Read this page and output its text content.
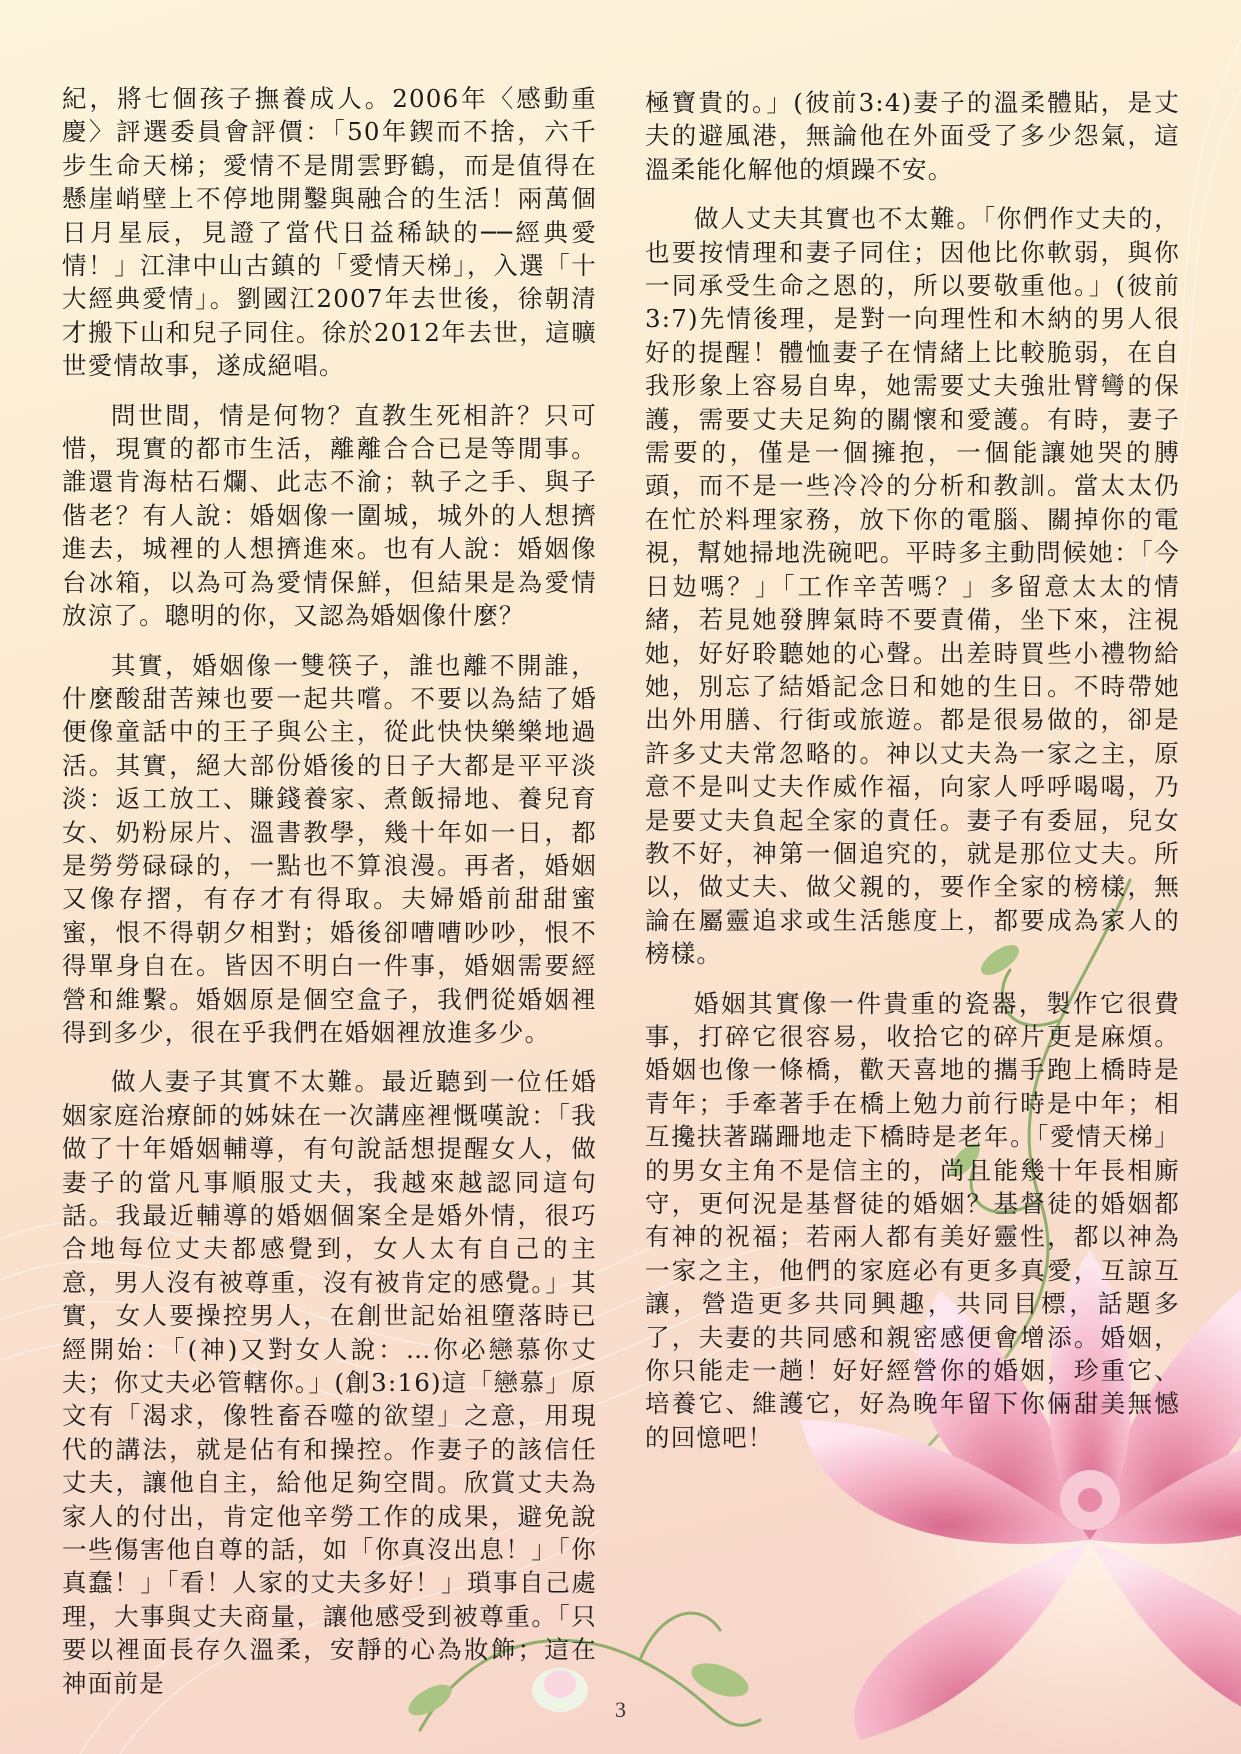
紀，將七個孩子撫養成人。2006年〈感動重慶〉評選委員會評價：「50年鍥而不捨，六千步生命天梯；愛情不是閒雲野鶴，而是值得在懸崖峭壁上不停地開鑿與融合的生活！兩萬個日月星辰，見證了當代日益稀缺的──經典愛情！」江津中山古鎮的「愛情天梯」，入選「十大經典愛情」。劉國江2007年去世後，徐朝清才搬下山和兒子同住。徐於2012年去世，這曠世愛情故事，遂成絕唱。

問世間，情是何物？直教生死相許？只可惜，現實的都市生活，離離合合已是等閒事。誰還肯海枯石爛、此志不渝；執子之手、與子偕老？有人說：婚姻像一圍城，城外的人想擠進去，城裡的人想擠進來。也有人說：婚姻像台冰箱，以為可為愛情保鮮，但結果是為愛情放涼了。聰明的你，又認為婚姻像什麼？

其實，婚姻像一雙筷子，誰也離不開誰，什麼酸甜苦辣也要一起共嚐。不要以為結了婚便像童話中的王子與公主，從此快快樂樂地過活。其實，絕大部份婚後的日子大都是平平淡淡：返工放工、賺錢養家、煮飯掃地、養兒育女、奶粉尿片、溫書教學，幾十年如一日，都是勞勞碌碌的，一點也不算浪漫。再者，婚姻又像存摺，有存才有得取。夫婦婚前甜甜蜜蜜，恨不得朝夕相對；婚後卻嘈嘈吵吵，恨不得單身自在。皆因不明白一件事，婚姻需要經營和維繫。婚姻原是個空盒子，我們從婚姻裡得到多少，很在乎我們在婚姻裡放進多少。

做人妻子其實不太難。最近聽到一位任婚姻家庭治療師的姊妹在一次講座裡慨嘆說：「我做了十年婚姻輔導，有句說話想提醒女人，做妻子的當凡事順服丈夫，我越來越認同這句話。我最近輔導的婚姻個案全是婚外情，很巧合地每位丈夫都感覺到，女人太有自己的主意，男人沒有被尊重，沒有被肯定的感覺。」其實，女人要操控男人，在創世記始祖墮落時已經開始：「(神)又對女人說：…你必戀慕你丈夫；你丈夫必管轄你。」(創3:16)這「戀慕」原文有「渴求，像牲畜吞噬的欲望」之意，用現代的講法，就是佔有和操控。作妻子的該信任丈夫，讓他自主，給他足夠空間。欣賞丈夫為家人的付出，肯定他辛勞工作的成果，避免說一些傷害他自尊的話，如「你真沒出息！」「你真蠢！」「看！人家的丈夫多好！」瑣事自己處理，大事與丈夫商量，讓他感受到被尊重。「只要以裡面長存久溫柔，安靜的心為妝飾；這在神面前是

極寶貴的。」(彼前3:4)妻子的溫柔體貼，是丈夫的避風港，無論他在外面受了多少怨氣，這溫柔能化解他的煩躁不安。

做人丈夫其實也不太難。「你們作丈夫的，也要按情理和妻子同住；因他比你軟弱，與你一同承受生命之恩的，所以要敬重他。」(彼前3:7)先情後理，是對一向理性和木納的男人很好的提醒！體恤妻子在情緒上比較脆弱，在自我形象上容易自卑，她需要丈夫強壯臂彎的保護，需要丈夫足夠的關懷和愛護。有時，妻子需要的，僅是一個擁抱，一個能讓她哭的膊頭，而不是一些冷冷的分析和教訓。當太太仍在忙於料理家務，放下你的電腦、關掉你的電視，幫她掃地洗碗吧。平時多主動問候她：「今日攰嗎？」「工作辛苦嗎？」多留意太太的情緒，若見她發脾氣時不要責備，坐下來，注視她，好好聆聽她的心聲。出差時買些小禮物給她，別忘了結婚記念日和她的生日。不時帶她出外用膳、行街或旅遊。都是很易做的，卻是許多丈夫常忽略的。神以丈夫為一家之主，原意不是叫丈夫作威作福，向家人呼呼喝喝，乃是要丈夫負起全家的責任。妻子有委屈，兒女教不好，神第一個追究的，就是那位丈夫。所以，做丈夫、做父親的，要作全家的榜樣，無論在屬靈追求或生活態度上，都要成為家人的榜樣。

婚姻其實像一件貴重的瓷器，製作它很費事，打碎它很容易，收拾它的碎片更是麻煩。婚姻也像一條橋，歡天喜地的攜手跑上橋時是青年；手牽著手在橋上勉力前行時是中年；相互攙扶著蹣跚地走下橋時是老年。「愛情天梯」的男女主角不是信主的，尚且能幾十年長相廝守，更何況是基督徒的婚姻？基督徒的婚姻都有神的祝福；若兩人都有美好靈性，都以神為一家之主，他們的家庭必有更多真愛，互諒互讓，營造更多共同興趣，共同目標，話題多了，夫妻的共同感和親密感便會增添。婚姻，你只能走一趟！好好經營你的婚姻，珍重它、培養它、維護它，好為晚年留下你倆甜美無憾的回憶吧！

3
